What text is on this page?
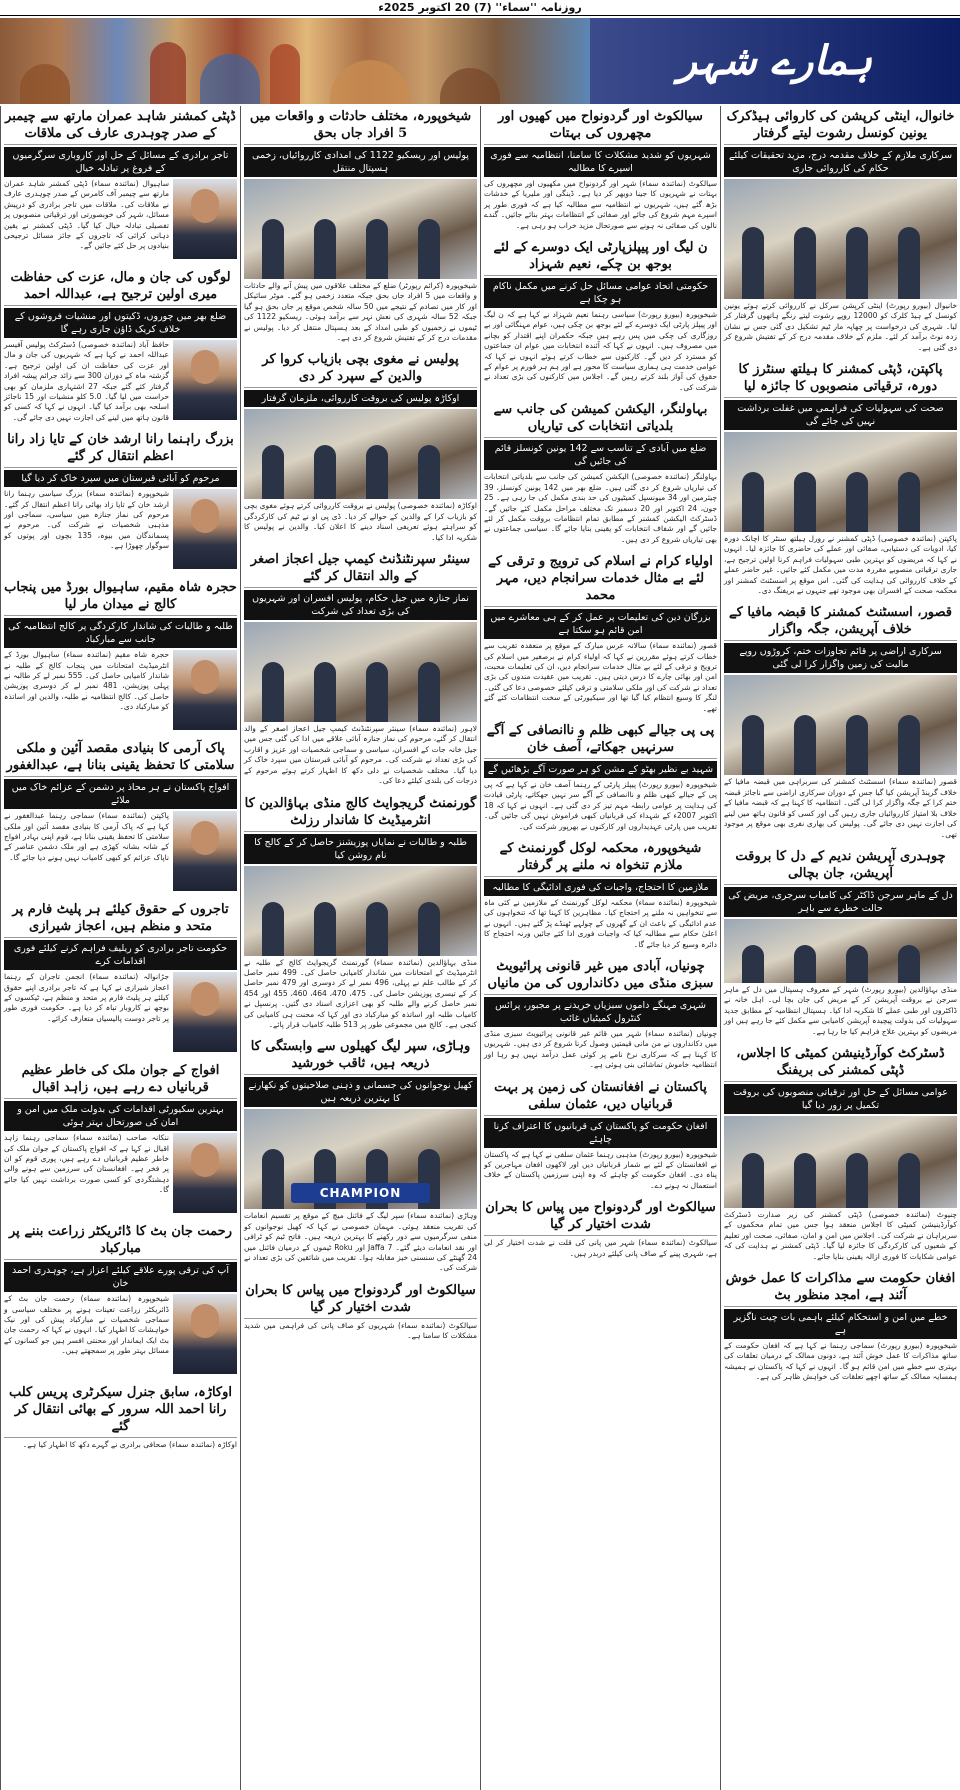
روزنامہ ''سماء'' (7) 20 اکتوبر 2025ء
ہمارے شہر
خانوال، اینٹی کرپشن کی کاروائی ہیڈکرک یونین کونسل رشوت لیتے گرفتار
سرکاری ملازم کے خلاف مقدمہ درج، مزید تحقیقات کیلئے حکام کی کارروائی جاری
خانیوال (بیورو رپورٹ) اینٹی کرپشن سرکل نے کارروائی کرتے ہوئے یونین کونسل کے ہیڈ کلرک کو 12000 روپے رشوت لیتے رنگے ہاتھوں گرفتار کر لیا۔ شہری کی درخواست پر چھاپہ مار ٹیم تشکیل دی گئی جس نے نشان زدہ نوٹ برآمد کر لئے۔ ملزم کے خلاف مقدمہ درج کر کے تفتیش شروع کر دی گئی ہے۔
پاکپتن، ڈپٹی کمشنر کا ہیلتھ سنٹرز کا دورہ، ترقیاتی منصوبوں کا جائزہ لیا
صحت کی سہولیات کی فراہمی میں غفلت برداشت نہیں کی جائے گی
پاکپتن (نمائندہ خصوصی) ڈپٹی کمشنر نے رورل ہیلتھ سنٹر کا اچانک دورہ کیا، ادویات کی دستیابی، صفائی اور عملے کی حاضری کا جائزہ لیا۔ انہوں نے کہا کہ مریضوں کو بہترین طبی سہولیات فراہم کرنا اولین ترجیح ہے، جاری ترقیاتی منصوبے مقررہ مدت میں مکمل کئے جائیں۔ غیر حاضر عملے کے خلاف کارروائی کی ہدایت کی گئی۔ اس موقع پر اسسٹنٹ کمشنر اور محکمہ صحت کے افسران بھی موجود تھے جنہوں نے بریفنگ دی۔
قصور، اسسٹنٹ کمشنر کا قبضہ مافیا کے خلاف آپریشن، جگہ واگزار
سرکاری اراضی پر قائم تجاوزات ختم، کروڑوں روپے مالیت کی زمین واگزار کرا لی گئی
قصور (نمائندہ سماء) اسسٹنٹ کمشنر کی سربراہی میں قبضہ مافیا کے خلاف گرینڈ آپریشن کیا گیا جس کے دوران سرکاری اراضی سے ناجائز قبضہ ختم کرا کے جگہ واگزار کرا لی گئی۔ انتظامیہ کا کہنا ہے کہ قبضہ مافیا کے خلاف بلا امتیاز کارروائیاں جاری رہیں گی اور کسی کو قانون ہاتھ میں لینے کی اجازت نہیں دی جائے گی۔ پولیس کی بھاری نفری بھی موقع پر موجود تھی۔
چوہدری آپریشن ندیم کے دل کا بروقت آپریشن، جان بچالی
دل کے ماہر سرجن ڈاکٹر کی کامیاب سرجری، مریض کی حالت خطرے سے باہر
منڈی بہاؤالدین (بیورو رپورٹ) شہر کے معروف ہسپتال میں دل کے ماہر سرجن نے بروقت آپریشن کر کے مریض کی جان بچا لی۔ اہل خانہ نے ڈاکٹروں اور طبی عملے کا شکریہ ادا کیا۔ ہسپتال انتظامیہ کے مطابق جدید سہولیات کی بدولت پیچیدہ آپریشن کامیابی سے مکمل کئے جا رہے ہیں اور مریضوں کو بہترین علاج فراہم کیا جا رہا ہے۔
ڈسٹرکٹ کوآرڈینیشن کمیٹی کا اجلاس، ڈپٹی کمشنر کی بریفنگ
عوامی مسائل کے حل اور ترقیاتی منصوبوں کی بروقت تکمیل پر زور دیا گیا
چنیوٹ (نمائندہ خصوصی) ڈپٹی کمشنر کی زیر صدارت ڈسٹرکٹ کوآرڈینیشن کمیٹی کا اجلاس منعقد ہوا جس میں تمام محکموں کے سربراہان نے شرکت کی۔ اجلاس میں امن و امان، صفائی، صحت اور تعلیم کے شعبوں کی کارکردگی کا جائزہ لیا گیا۔ ڈپٹی کمشنر نے ہدایت کی کہ عوامی شکایات کا فوری ازالہ یقینی بنایا جائے۔
افغان حکومت سے مذاکرات کا عمل خوش آئند ہے، امجد منظور بٹ
خطے میں امن و استحکام کیلئے باہمی بات چیت ناگزیر ہے
شیخوپورہ (بیورو رپورٹ) سماجی رہنما نے کہا ہے کہ افغان حکومت کے ساتھ مذاکرات کا عمل خوش آئند ہے، دونوں ممالک کے درمیان تعلقات کی بہتری سے خطے میں امن قائم ہو گا۔ انہوں نے کہا کہ پاکستان نے ہمیشہ ہمسایہ ممالک کے ساتھ اچھے تعلقات کی خواہش ظاہر کی ہے۔
سیالکوٹ اور گردونواح میں کھیوں اور مچھروں کی بہتات
شہریوں کو شدید مشکلات کا سامنا، انتظامیہ سے فوری اسپرے کا مطالبہ
سیالکوٹ (نمائندہ سماء) شہر اور گردونواح میں مکھیوں اور مچھروں کی بہتات نے شہریوں کا جینا دوبھر کر دیا ہے۔ ڈینگی اور ملیریا کے خدشات بڑھ گئے ہیں، شہریوں نے انتظامیہ سے مطالبہ کیا ہے کہ فوری طور پر اسپرے مہم شروع کی جائے اور صفائی کے انتظامات بہتر بنائے جائیں۔ گندے نالوں کی صفائی نہ ہونے سے صورتحال مزید خراب ہو رہی ہے۔
ن لیگ اور پیپلزپارٹی ایک دوسرے کے لئے بوجھ بن چکے، نعیم شہزاد
حکومتی اتحاد عوامی مسائل حل کرنے میں مکمل ناکام ہو چکا ہے
شیخوپورہ (بیورو رپورٹ) سیاسی رہنما نعیم شہزاد نے کہا ہے کہ ن لیگ اور پیپلز پارٹی ایک دوسرے کے لئے بوجھ بن چکی ہیں، عوام مہنگائی اور بے روزگاری کی چکی میں پس رہے ہیں جبکہ حکمران اپنے اقتدار کو بچانے میں مصروف ہیں۔ انہوں نے کہا کہ آئندہ انتخابات میں عوام ان جماعتوں کو مسترد کر دیں گے۔ کارکنوں سے خطاب کرتے ہوئے انہوں نے کہا کہ عوامی خدمت ہی ہماری سیاست کا محور ہے اور ہم ہر فورم پر عوام کے حقوق کی آواز بلند کرتے رہیں گے۔ اجلاس میں کارکنوں کی بڑی تعداد نے شرکت کی۔
بہاولنگر، الیکشن کمیشن کی جانب سے بلدیاتی انتخابات کی تیاریاں
ضلع میں آبادی کے تناسب سے 142 یونین کونسلز قائم کی جائیں گی
بہاولنگر (نمائندہ خصوصی) الیکشن کمیشن کی جانب سے بلدیاتی انتخابات کی تیاریاں شروع کر دی گئی ہیں۔ ضلع بھر میں 142 یونین کونسلز، 39 چیئرمین اور 34 میونسپل کمیٹیوں کی حد بندی مکمل کی جا رہی ہے۔ 25 جون، 24 اکتوبر اور 20 دسمبر تک مختلف مراحل مکمل کئے جائیں گے۔ ڈسٹرکٹ الیکشن کمشنر کے مطابق تمام انتظامات بروقت مکمل کر لئے جائیں گے اور شفاف انتخابات کو یقینی بنایا جائے گا۔ سیاسی جماعتوں نے بھی تیاریاں شروع کر دی ہیں۔
اولیاء کرام نے اسلام کی ترویج و ترقی کے لئے بے مثال خدمات سرانجام دیں، مہر محمد
بزرگان دین کی تعلیمات پر عمل کر کے ہی معاشرے میں امن قائم ہو سکتا ہے
قصور (نمائندہ سماء) سالانہ عرس مبارک کے موقع پر منعقدہ تقریب سے خطاب کرتے ہوئے مقررین نے کہا کہ اولیاء کرام نے برصغیر میں اسلام کی ترویج و ترقی کے لئے بے مثال خدمات سرانجام دیں، ان کی تعلیمات محبت، امن اور بھائی چارے کا درس دیتی ہیں۔ تقریب میں عقیدت مندوں کی بڑی تعداد نے شرکت کی اور ملکی سلامتی و ترقی کیلئے خصوصی دعا کی گئی۔ لنگر کا وسیع انتظام کیا گیا تھا اور سیکیورٹی کے سخت انتظامات کئے گئے تھے۔
پی پی جیالے کبھی ظلم و ناانصافی کے آگے سرنہیں جھکاتے، آصف خان
شہید بے نظیر بھٹو کے مشن کو ہر صورت آگے بڑھائیں گے
شیخوپورہ (بیورو رپورٹ) پیپلز پارٹی کے رہنما آصف خان نے کہا ہے کہ پی پی کے جیالے کبھی ظلم و ناانصافی کے آگے سر نہیں جھکاتے، پارٹی قیادت کی ہدایت پر عوامی رابطہ مہم تیز کر دی گئی ہے۔ انہوں نے کہا کہ 18 اکتوبر 2007ء کے شہداء کی قربانیاں کبھی فراموش نہیں کی جائیں گی۔ تقریب میں پارٹی عہدیداروں اور کارکنوں نے بھرپور شرکت کی۔
شیخوپورہ، محکمہ لوکل گورنمنٹ کے ملازم تنخواہ نہ ملنے پر گرفتار
ملازمین کا احتجاج، واجبات کی فوری ادائیگی کا مطالبہ
شیخوپورہ (نمائندہ سماء) محکمہ لوکل گورنمنٹ کے ملازمین نے کئی ماہ سے تنخواہیں نہ ملنے پر احتجاج کیا۔ مظاہرین کا کہنا تھا کہ تنخواہوں کی عدم ادائیگی کے باعث ان کے گھروں کے چولہے ٹھنڈے پڑ گئے ہیں۔ انہوں نے اعلیٰ حکام سے مطالبہ کیا کہ واجبات فوری ادا کئے جائیں ورنہ احتجاج کا دائرہ وسیع کر دیا جائے گا۔
چونیاں، آبادی میں غیر قانونی پرائیویٹ سبزی منڈی میں دکانداروں کی من مانیاں
شہری مہنگے داموں سبزیاں خریدنے پر مجبور، پرائس کنٹرول کمیٹیاں غائب
چونیاں (نمائندہ سماء) شہر میں قائم غیر قانونی پرائیویٹ سبزی منڈی میں دکانداروں نے من مانی قیمتیں وصول کرنا شروع کر دی ہیں۔ شہریوں کا کہنا ہے کہ سرکاری نرخ نامے پر کوئی عمل درآمد نہیں ہو رہا اور انتظامیہ خاموش تماشائی بنی ہوئی ہے۔
پاکستان نے افغانستان کی زمین پر بہت قربانیاں دیں، عثمان سلفی
افغان حکومت کو پاکستان کی قربانیوں کا اعتراف کرنا چاہئے
شیخوپورہ (بیورو رپورٹ) مذہبی رہنما عثمان سلفی نے کہا ہے کہ پاکستان نے افغانستان کے لئے بے شمار قربانیاں دیں اور لاکھوں افغان مہاجرین کو پناہ دی۔ افغان حکومت کو چاہئے کہ وہ اپنی سرزمین پاکستان کے خلاف استعمال نہ ہونے دے۔
سیالکوٹ اور گردونواح میں پیاس کا بحران شدت اختیار کر گیا
سیالکوٹ (نمائندہ سماء) شہر میں پانی کی قلت نے شدت اختیار کر لی ہے، شہری پینے کے صاف پانی کیلئے دربدر ہیں۔
شیخوپورہ، مختلف حادثات و واقعات میں 5 افراد جاں بحق
پولیس اور ریسکیو 1122 کی امدادی کارروائیاں، زخمی ہسپتال منتقل
شیخوپورہ (کرائم رپورٹر) ضلع کے مختلف علاقوں میں پیش آنے والے حادثات و واقعات میں 5 افراد جاں بحق جبکہ متعدد زخمی ہو گئے۔ موٹر سائیکل اور کار میں تصادم کے نتیجے میں 50 سالہ شخص موقع پر جاں بحق ہو گیا جبکہ 52 سالہ شہری کی نعش نہر سے برآمد ہوئی۔ ریسکیو 1122 کی ٹیموں نے زخمیوں کو طبی امداد کے بعد ہسپتال منتقل کر دیا۔ پولیس نے مقدمات درج کر کے تفتیش شروع کر دی ہے۔
پولیس نے مغوی بچی بازیاب کروا کر والدین کے سپرد کر دی
اوکاڑہ پولیس کی بروقت کارروائی، ملزمان گرفتار
اوکاڑہ (نمائندہ خصوصی) پولیس نے بروقت کارروائی کرتے ہوئے مغوی بچی کو بازیاب کرا کے والدین کے حوالے کر دیا۔ ڈی پی او نے ٹیم کی کارکردگی کو سراہتے ہوئے تعریفی اسناد دینے کا اعلان کیا۔ والدین نے پولیس کا شکریہ ادا کیا۔
سینئر سپرنٹنڈنٹ کیمپ جیل اعجاز اصغر کے والد انتقال کر گئے
نماز جنازہ میں جیل حکام، پولیس افسران اور شہریوں کی بڑی تعداد کی شرکت
لاہور (نمائندہ سماء) سینئر سپرنٹنڈنٹ کیمپ جیل اعجاز اصغر کے والد انتقال کر گئے، مرحوم کی نماز جنازہ آبائی علاقے میں ادا کی گئی جس میں جیل خانہ جات کے افسران، سیاسی و سماجی شخصیات اور عزیز و اقارب کی بڑی تعداد نے شرکت کی۔ مرحوم کو آبائی قبرستان میں سپرد خاک کر دیا گیا۔ مختلف شخصیات نے دلی دکھ کا اظہار کرتے ہوئے مرحوم کے درجات کی بلندی کیلئے دعا کی۔
گورنمنٹ گریجوایٹ کالج منڈی بہاؤالدین کا انٹرمیڈیٹ کا شاندار رزلٹ
طلبہ و طالبات نے نمایاں پوزیشنز حاصل کر کے کالج کا نام روشن کیا
منڈی بہاؤالدین (نمائندہ سماء) گورنمنٹ گریجوایٹ کالج کے طلبہ نے انٹرمیڈیٹ کے امتحانات میں شاندار کامیابی حاصل کی۔ 499 نمبر حاصل کر کے طالب علم نے پہلی، 496 نمبر لے کر دوسری اور 479 نمبر حاصل کر کے تیسری پوزیشن حاصل کی۔ 475، 470، 464، 460، 455 اور 454 نمبر حاصل کرنے والے طلبہ کو بھی اعزازی اسناد دی گئیں۔ پرنسپل نے کامیاب طلبہ اور اساتذہ کو مبارکباد دی اور کہا کہ محنت ہی کامیابی کی کنجی ہے۔ کالج میں مجموعی طور پر 513 طلبہ کامیاب قرار پائے۔
وہاڑی، سپر لیگ کھیلوں سے وابستگی کا ذریعہ ہیں، ثاقب خورشید
کھیل نوجوانوں کی جسمانی و ذہنی صلاحیتوں کو نکھارنے کا بہترین ذریعہ ہیں
CHAMPION
وہاڑی (نمائندہ سماء) سپر لیگ کے فائنل میچ کے موقع پر تقسیم انعامات کی تقریب منعقد ہوئی۔ مہمان خصوصی نے کہا کہ کھیل نوجوانوں کو منفی سرگرمیوں سے دور رکھنے کا بہترین ذریعہ ہیں۔ فاتح ٹیم کو ٹرافی اور نقد انعامات دیئے گئے۔ Jaffa 7 اور Roku ٹیموں کے درمیان فائنل میں 24 گھنٹے کی سنسنی خیز مقابلہ ہوا۔ تقریب میں شائقین کی بڑی تعداد نے شرکت کی۔
سیالکوٹ اور گردونواح میں پیاس کا بحران شدت اختیار کر گیا
سیالکوٹ (نمائندہ سماء) شہریوں کو صاف پانی کی فراہمی میں شدید مشکلات کا سامنا ہے۔
ڈپٹی کمشنر شاہد عمران مارتھ سے چیمبر کے صدر چوہدری عارف کی ملاقات
تاجر برادری کے مسائل کے حل اور کاروباری سرگرمیوں کے فروغ پر تبادلہ خیال
ساہیوال (نمائندہ سماء) ڈپٹی کمشنر شاہد عمران مارتھ سے چیمبر آف کامرس کے صدر چوہدری عارف نے ملاقات کی۔ ملاقات میں تاجر برادری کو درپیش مسائل، شہر کی خوبصورتی اور ترقیاتی منصوبوں پر تفصیلی تبادلہ خیال کیا گیا۔ ڈپٹی کمشنر نے یقین دہانی کرائی کہ تاجروں کے جائز مسائل ترجیحی بنیادوں پر حل کئے جائیں گے۔
لوگوں کی جان و مال، عزت کی حفاظت میری اولین ترجیح ہے، عبداللہ احمد
ضلع بھر میں چوروں، ڈکیتوں اور منشیات فروشوں کے خلاف کریک ڈاؤن جاری رہے گا
حافظ آباد (نمائندہ خصوصی) ڈسٹرکٹ پولیس آفیسر عبداللہ احمد نے کہا ہے کہ شہریوں کی جان و مال اور عزت کی حفاظت ان کی اولین ترجیح ہے۔ گزشتہ ماہ کے دوران 300 سے زائد جرائم پیشہ افراد گرفتار کئے گئے جبکہ 27 اشتہاری ملزمان کو بھی حراست میں لیا گیا۔ 5.0 کلو منشیات اور 15 ناجائز اسلحہ بھی برآمد کیا گیا۔ انہوں نے کہا کہ کسی کو قانون ہاتھ میں لینے کی اجازت نہیں دی جائے گی۔
بزرگ راہنما رانا ارشد خان کے تایا زاد رانا اعظم انتقال کر گئے
مرحوم کو آبائی قبرستان میں سپرد خاک کر دیا گیا
شیخوپورہ (نمائندہ سماء) بزرگ سیاسی رہنما رانا ارشد خان کے تایا زاد بھائی رانا اعظم انتقال کر گئے۔ مرحوم کی نماز جنازہ میں سیاسی، سماجی اور مذہبی شخصیات نے شرکت کی۔ مرحوم نے پسماندگان میں بیوہ، 135 بچوں اور پوتوں کو سوگوار چھوڑا ہے۔
حجرہ شاہ مقیم، ساہیوال بورڈ میں پنجاب کالج نے میدان مار لیا
طلبہ و طالبات کی شاندار کارکردگی پر کالج انتظامیہ کی جانب سے مبارکباد
حجرہ شاہ مقیم (نمائندہ سماء) ساہیوال بورڈ کے انٹرمیڈیٹ امتحانات میں پنجاب کالج کے طلبہ نے شاندار کامیابی حاصل کی۔ 555 نمبر لے کر طالبہ نے پہلی پوزیشن، 481 نمبر لے کر دوسری پوزیشن حاصل کی۔ کالج انتظامیہ نے طلبہ، والدین اور اساتذہ کو مبارکباد دی۔
پاک آرمی کا بنیادی مقصد آئین و ملکی سلامتی کا تحفظ یقینی بنانا ہے، عبدالغفور
افواج پاکستان نے ہر محاذ پر دشمن کے عزائم خاک میں ملائے
پاکپتن (نمائندہ سماء) سماجی رہنما عبدالغفور نے کہا ہے کہ پاک آرمی کا بنیادی مقصد آئین اور ملکی سلامتی کا تحفظ یقینی بنانا ہے، قوم اپنی بہادر افواج کے شانہ بشانہ کھڑی ہے اور ملک دشمن عناصر کے ناپاک عزائم کو کبھی کامیاب نہیں ہونے دیا جائے گا۔
تاجروں کے حقوق کیلئے ہر پلیٹ فارم پر متحد و منظم ہیں، اعجاز شیرازی
حکومت تاجر برادری کو ریلیف فراہم کرنے کیلئے فوری اقدامات کرے
جڑانوالہ (نمائندہ سماء) انجمن تاجران کے رہنما اعجاز شیرازی نے کہا ہے کہ تاجر برادری اپنے حقوق کیلئے ہر پلیٹ فارم پر متحد و منظم ہے، ٹیکسوں کے بوجھ نے کاروبار تباہ کر دیا ہے۔ حکومت فوری طور پر تاجر دوست پالیسیاں متعارف کرائے۔
افواج کے جوان ملک کی خاطر عظیم قربانیاں دے رہے ہیں، زاہد اقبال
بہترین سکیورٹی اقدامات کی بدولت ملک میں امن و امان کی صورتحال بہتر ہوئی
ننکانہ صاحب (نمائندہ سماء) سماجی رہنما زاہد اقبال نے کہا ہے کہ افواج پاکستان کے جوان ملک کی خاطر عظیم قربانیاں دے رہے ہیں، پوری قوم کو ان پر فخر ہے۔ افغانستان کی سرزمین سے ہونے والی دہشتگردی کو کسی صورت برداشت نہیں کیا جائے گا۔
رحمت جان بٹ کا ڈائریکٹر زراعت بننے پر مبارکباد
آپ کی ترقی پورے علاقے کیلئے اعزاز ہے، چوہدری احمد خان
شیخوپورہ (نمائندہ سماء) رحمت جان بٹ کے ڈائریکٹر زراعت تعینات ہونے پر مختلف سیاسی و سماجی شخصیات نے مبارکباد پیش کی اور نیک خواہشات کا اظہار کیا۔ انہوں نے کہا کہ رحمت جان بٹ ایک ایماندار اور محنتی افسر ہیں جو کسانوں کے مسائل بہتر طور پر سمجھتے ہیں۔
اوکاڑہ، سابق جنرل سیکرٹری پریس کلب رانا احمد اللہ سرور کے بھائی انتقال کر گئے
اوکاڑہ (نمائندہ سماء) صحافی برادری نے گہرے دکھ کا اظہار کیا ہے۔
